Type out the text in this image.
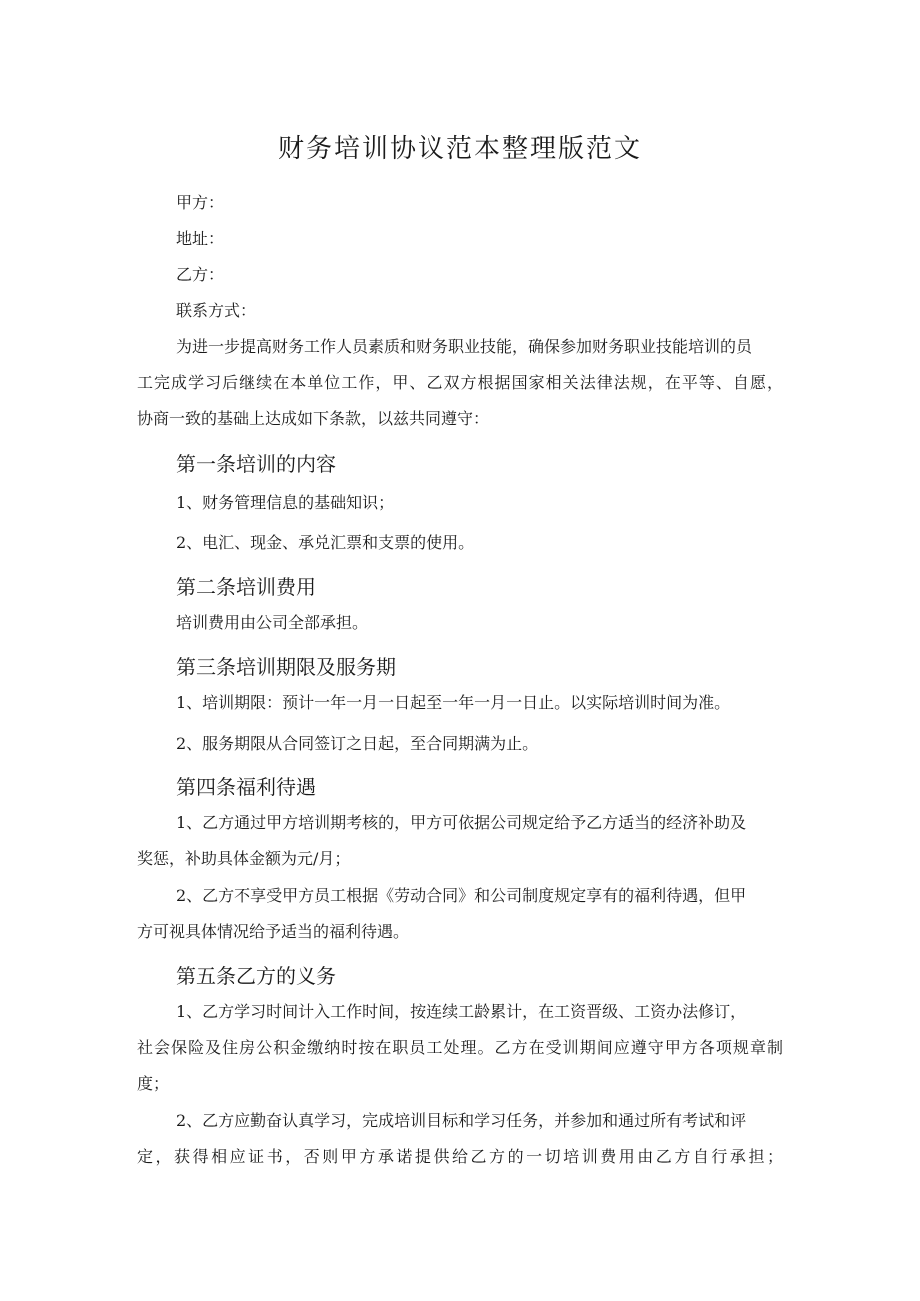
财务培训协议范本整理版范文
甲方：
地址：
乙方：
联系方式：
为进一步提高财务工作人员素质和财务职业技能，确保参加财务职业技能培训的员
工完成学习后继续在本单位工作，甲、乙双方根据国家相关法律法规，在平等、自愿，
协商一致的基础上达成如下条款，以兹共同遵守：
第一条培训的内容
1、财务管理信息的基础知识；
2、电汇、现金、承兑汇票和支票的使用。
第二条培训费用
培训费用由公司全部承担。
第三条培训期限及服务期
1、培训期限：预计一年一月一日起至一年一月一日止。以实际培训时间为准。
2、服务期限从合同签订之日起，至合同期满为止。
第四条福利待遇
1、乙方通过甲方培训期考核的，甲方可依据公司规定给予乙方适当的经济补助及
奖惩，补助具体金额为元/月；
2、乙方不享受甲方员工根据《劳动合同》和公司制度规定享有的福利待遇，但甲
方可视具体情况给予适当的福利待遇。
第五条乙方的义务
1、乙方学习时间计入工作时间，按连续工龄累计，在工资晋级、工资办法修订，
社会保险及住房公积金缴纳时按在职员工处理。乙方在受训期间应遵守甲方各项规章制
度；
2、乙方应勤奋认真学习，完成培训目标和学习任务，并参加和通过所有考试和评
定，获得相应证书，否则甲方承诺提供给乙方的一切培训费用由乙方自行承担；
